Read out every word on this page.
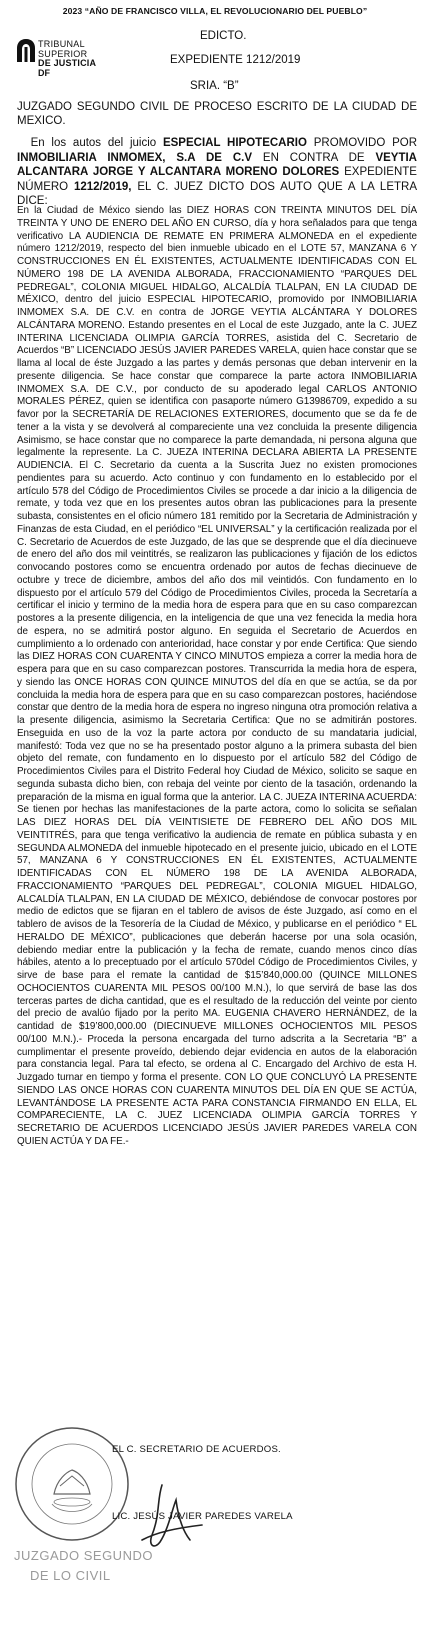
2023 “AÑO DE FRANCISCO VILLA, EL REVOLUCIONARIO DEL PUEBLO”
TRIBUNAL
SUPERIOR
DE JUSTICIA
DF
EDICTO.
EXPEDIENTE 1212/2019
SRIA. “B”
JUZGADO SEGUNDO CIVIL DE PROCESO ESCRITO DE LA CIUDAD DE MEXICO.
En los autos del juicio ESPECIAL HIPOTECARIO PROMOVIDO POR INMOBILIARIA INMOMEX, S.A DE C.V EN CONTRA DE VEYTIA ALCANTARA JORGE Y ALCANTARA MORENO DOLORES EXPEDIENTE NÚMERO 1212/2019, EL C. JUEZ DICTO DOS AUTO QUE A LA LETRA DICE:
En la Ciudad de México siendo las DIEZ HORAS CON TREINTA MINUTOS DEL DÍA TREINTA Y UNO DE ENERO DEL AÑO EN CURSO, día y hora señalados para que tenga verificativo LA AUDIENCIA DE REMATE EN PRIMERA ALMONEDA en el expediente número 1212/2019, respecto del bien inmueble ubicado en el LOTE 57, MANZANA 6 Y CONSTRUCCIONES EN ÉL EXISTENTES, ACTUALMENTE IDENTIFICADAS CON EL NÚMERO 198 DE LA AVENIDA ALBORADA, FRACCIONAMIENTO “PARQUES DEL PEDREGAL”, COLONIA MIGUEL HIDALGO, ALCALDÍA TLALPAN, EN LA CIUDAD DE MÉXICO, dentro del juicio ESPECIAL HIPOTECARIO, promovido por INMOBILIARIA INMOMEX S.A. DE C.V. en contra de JORGE VEYTIA ALCÁNTARA Y DOLORES ALCÁNTARA MORENO. Estando presentes en el Local de este Juzgado, ante la C. JUEZ INTERINA LICENCIADA OLIMPIA GARCÍA TORRES, asistida del C. Secretario de Acuerdos “B” LICENCIADO JESÚS JAVIER PAREDES VARELA, quien hace constar que se llama al local de éste Juzgado a las partes y demás personas que deban intervenir en la presente diligencia. Se hace constar que comparece la parte actora INMOBILIARIA INMOMEX S.A. DE C.V., por conducto de su apoderado legal CARLOS ANTONIO MORALES PÉREZ, quien se identifica con pasaporte número G13986709, expedido a su favor por la SECRETARÍA DE RELACIONES EXTERIORES, documento que se da fe de tener a la vista y se devolverá al compareciente una vez concluida la presente diligencia Asimismo, se hace constar que no comparece la parte demandada, ni persona alguna que legalmente la represente. La C. JUEZA INTERINA DECLARA ABIERTA LA PRESENTE AUDIENCIA. El C. Secretario da cuenta a la Suscrita Juez no existen promociones pendientes para su acuerdo. Acto continuo y con fundamento en lo establecido por el artículo 578 del Código de Procedimientos Civiles se procede a dar inicio a la diligencia de remate, y toda vez que en los presentes autos obran las publicaciones para la presente subasta, consistentes en el oficio número 181 remitido por la Secretaria de Administración y Finanzas de esta Ciudad, en el periódico “EL UNIVERSAL” y la certificación realizada por el C. Secretario de Acuerdos de este Juzgado, de las que se desprende que el día diecinueve de enero del año dos mil veintitrés, se realizaron las publicaciones y fijación de los edictos convocando postores como se encuentra ordenado por autos de fechas diecinueve de octubre y trece de diciembre, ambos del año dos mil veintidós. Con fundamento en lo dispuesto por el artículo 579 del Código de Procedimientos Civiles, proceda la Secretaría a certificar el inicio y termino de la media hora de espera para que en su caso comparezcan postores a la presente diligencia, en la inteligencia de que una vez fenecida la media hora de espera, no se admitirá postor alguno. En seguida el Secretario de Acuerdos en cumplimiento a lo ordenado con anterioridad, hace constar y por ende Certifica: Que siendo las DIEZ HORAS CON CUARENTA Y CINCO MINUTOS empieza a correr la media hora de espera para que en su caso comparezcan postores. Transcurrida la media hora de espera, y siendo las ONCE HORAS CON QUINCE MINUTOS del día en que se actúa, se da por concluida la media hora de espera para que en su caso comparezcan postores, haciéndose constar que dentro de la media hora de espera no ingreso ninguna otra promoción relativa a la presente diligencia, asimismo la Secretaria Certifica: Que no se admitirán postores. Enseguida en uso de la voz la parte actora por conducto de su mandataria judicial, manifestó: Toda vez que no se ha presentado postor alguno a la primera subasta del bien objeto del remate, con fundamento en lo dispuesto por el artículo 582 del Código de Procedimientos Civiles para el Distrito Federal hoy Ciudad de México, solicito se saque en segunda subasta dicho bien, con rebaja del veinte por ciento de la tasación, ordenando la preparación de la misma en igual forma que la anterior. LA C. JUEZA INTERINA ACUERDA: Se tienen por hechas las manifestaciones de la parte actora, como lo solicita se señalan LAS DIEZ HORAS DEL DÍA VEINTISIETE DE FEBRERO DEL AÑO DOS MIL VEINTITRÉS, para que tenga verificativo la audiencia de remate en pública subasta y en SEGUNDA ALMONEDA del inmueble hipotecado en el presente juicio, ubicado en el LOTE 57, MANZANA 6 Y CONSTRUCCIONES EN ÉL EXISTENTES, ACTUALMENTE IDENTIFICADAS CON EL NÚMERO 198 DE LA AVENIDA ALBORADA, FRACCIONAMIENTO “PARQUES DEL PEDREGAL”, COLONIA MIGUEL HIDALGO, ALCALDÍA TLALPAN, EN LA CIUDAD DE MÉXICO, debiéndose de convocar postores por medio de edictos que se fijaran en el tablero de avisos de éste Juzgado, así como en el tablero de avisos de la Tesorería de la Ciudad de México, y publicarse en el periódico “ EL HERALDO DE MÉXICO”, publicaciones que deberán hacerse por una sola ocasión, debiendo mediar entre la publicación y la fecha de remate, cuando menos cinco días hábiles, atento a lo preceptuado por el artículo 570del Código de Procedimientos Civiles, y sirve de base para el remate la cantidad de $15’840,000.00 (QUINCE MILLONES OCHOCIENTOS CUARENTA MIL PESOS 00/100 M.N.), lo que servirá de base las dos terceras partes de dicha cantidad, que es el resultado de la reducción del veinte por ciento del precio de avalúo fijado por la perito MA. EUGENIA CHAVERO HERNÁNDEZ, de la cantidad de $19’800,000.00 (DIECINUEVE MILLONES OCHOCIENTOS MIL PESOS 00/100 M.N.).- Proceda la persona encargada del turno adscrita a la Secretaria “B” a cumplimentar el presente proveído, debiendo dejar evidencia en autos de la elaboración para constancia legal. Para tal efecto, se ordena al C. Encargado del Archivo de esta H. Juzgado turnar en tiempo y forma el presente. CON LO QUE CONCLUYÓ LA PRESENTE SIENDO LAS ONCE HORAS CON CUARENTA MINUTOS DEL DÍA EN QUE SE ACTÚA, LEVANTÁNDOSE LA PRESENTE ACTA PARA CONSTANCIA FIRMANDO EN ELLA, EL COMPARECIENTE, LA C. JUEZ LICENCIADA OLIMPIA GARCÍA TORRES Y SECRETARIO DE ACUERDOS LICENCIADO JESÚS JAVIER PAREDES VARELA CON QUIEN ACTÚA Y DA FE.-
EL C. SECRETARIO DE ACUERDOS.
LIC. JESÚS JAVIER PAREDES VARELA
JUZGADO SEGUNDO
DE LO CIVIL
